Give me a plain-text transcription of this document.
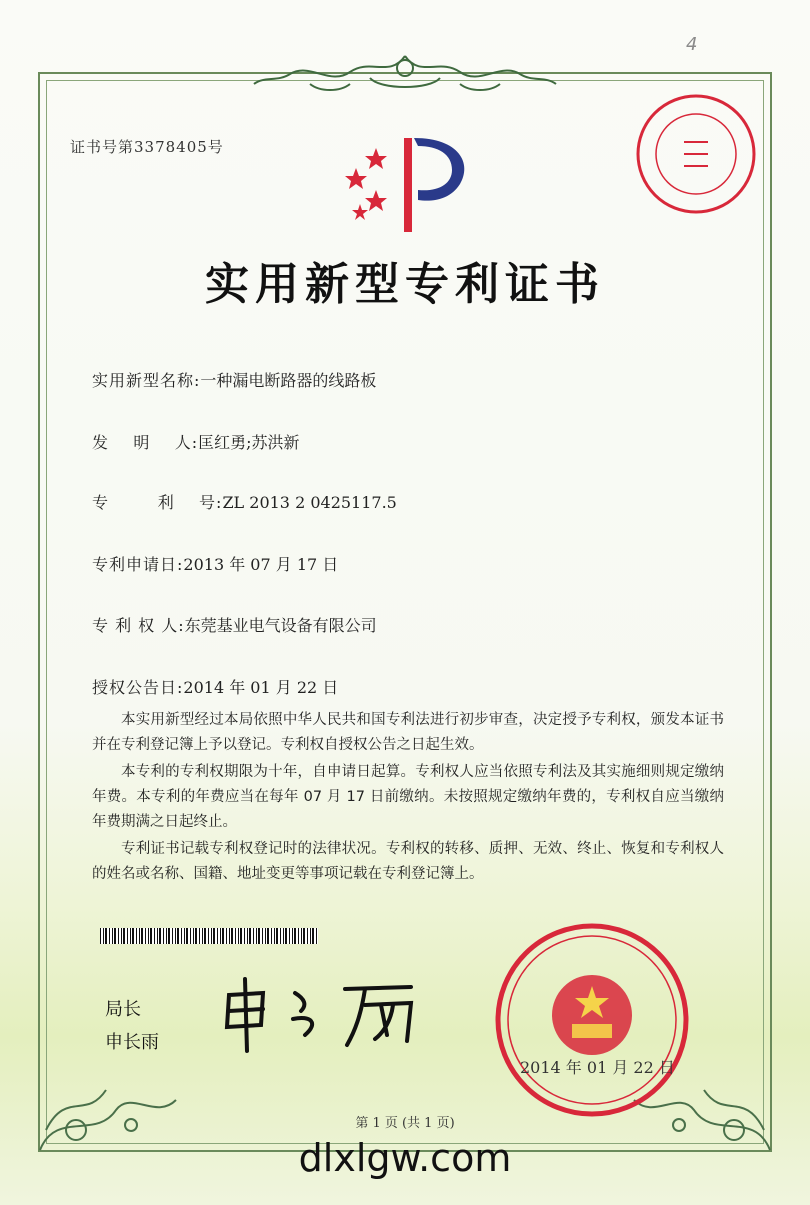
4
证书号第3378405号
实用新型专利证书
实用新型名称:一种漏电断路器的线路板
发    明    人:匡红勇;苏洪新
专        利    号:ZL 2013 2 0425117.5
专利申请日:2013 年 07 月 17 日
专 利 权 人:东莞基业电气设备有限公司
授权公告日:2014 年 01 月 22 日

本实用新型经过本局依照中华人民共和国专利法进行初步审查，决定授予专利权，颁发本证书并在专利登记簿上予以登记。专利权自授权公告之日起生效。

本专利的专利权期限为十年，自申请日起算。专利权人应当依照专利法及其实施细则规定缴纳年费。本专利的年费应当在每年 07 月 17 日前缴纳。未按照规定缴纳年费的，专利权自应当缴纳年费期满之日起终止。

专利证书记载专利权登记时的法律状况。专利权的转移、质押、无效、终止、恢复和专利权人的姓名或名称、国籍、地址变更等事项记载在专利登记簿上。

局长
申长雨
2014 年 01 月 22 日
第 1 页 (共 1 页)
dlxlgw.com
